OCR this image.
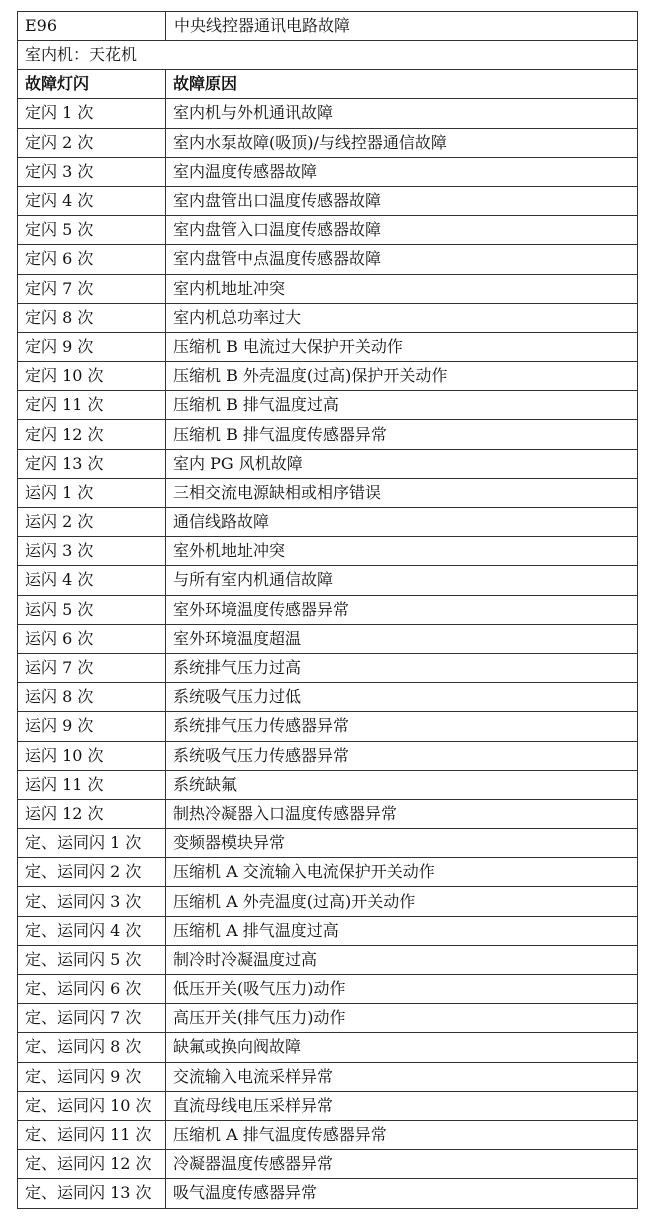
E96	中央线控器通讯电路故障
室内机：天花机	
故障灯闪	故障原因
定闪 1 次	室内机与外机通讯故障
定闪 2 次	室内水泵故障(吸顶)/与线控器通信故障
定闪 3 次	室内温度传感器故障
定闪 4 次	室内盘管出口温度传感器故障
定闪 5 次	室内盘管入口温度传感器故障
定闪 6 次	室内盘管中点温度传感器故障
定闪 7 次	室内机地址冲突
定闪 8 次	室内机总功率过大
定闪 9 次	压缩机 B 电流过大保护开关动作
定闪 10 次	压缩机 B 外壳温度(过高)保护开关动作
定闪 11 次	压缩机 B 排气温度过高
定闪 12 次	压缩机 B 排气温度传感器异常
定闪 13 次	室内 PG 风机故障
运闪 1 次	三相交流电源缺相或相序错误
运闪 2 次	通信线路故障
运闪 3 次	室外机地址冲突
运闪 4 次	与所有室内机通信故障
运闪 5 次	室外环境温度传感器异常
运闪 6 次	室外环境温度超温
运闪 7 次	系统排气压力过高
运闪 8 次	系统吸气压力过低
运闪 9 次	系统排气压力传感器异常
运闪 10 次	系统吸气压力传感器异常
运闪 11 次	系统缺氟
运闪 12 次	制热冷凝器入口温度传感器异常
定、运同闪 1 次	变频器模块异常
定、运同闪 2 次	压缩机 A 交流输入电流保护开关动作
定、运同闪 3 次	压缩机 A 外壳温度(过高)开关动作
定、运同闪 4 次	压缩机 A 排气温度过高
定、运同闪 5 次	制冷时冷凝温度过高
定、运同闪 6 次	低压开关(吸气压力)动作
定、运同闪 7 次	高压开关(排气压力)动作
定、运同闪 8 次	缺氟或换向阀故障
定、运同闪 9 次	交流输入电流采样异常
定、运同闪 10 次	直流母线电压采样异常
定、运同闪 11 次	压缩机 A 排气温度传感器异常
定、运同闪 12 次	冷凝器温度传感器异常
定、运同闪 13 次	吸气温度传感器异常
